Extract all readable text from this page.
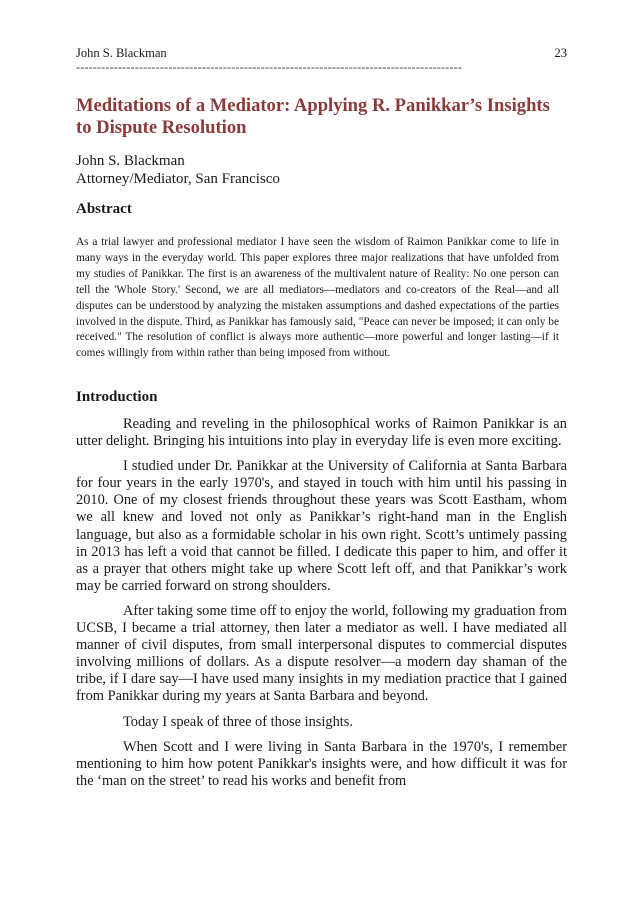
John S. Blackman	23
--------------------------------------------------------------------------------------------
Meditations of a Mediator: Applying R. Panikkar’s Insights to Dispute Resolution
John S. Blackman
Attorney/Mediator, San Francisco
Abstract

As a trial lawyer and professional mediator I have seen the wisdom of Raimon Panikkar come to life in many ways in the everyday world. This paper explores three major realizations that have unfolded from my studies of Panikkar. The first is an awareness of the multivalent nature of Reality: No one person can tell the 'Whole Story.' Second, we are all mediators—mediators and co-creators of the Real—and all disputes can be understood by analyzing the mistaken assumptions and dashed expectations of the parties involved in the dispute. Third, as Panikkar has famously said, "Peace can never be imposed; it can only be received." The resolution of conflict is always more authentic—more powerful and longer lasting—if it comes willingly from within rather than being imposed from without.

Introduction

Reading and reveling in the philosophical works of Raimon Panikkar is an utter delight. Bringing his intuitions into play in everyday life is even more exciting.

I studied under Dr. Panikkar at the University of California at Santa Barbara for four years in the early 1970's, and stayed in touch with him until his passing in 2010. One of my closest friends throughout these years was Scott Eastham, whom we all knew and loved not only as Panikkar’s right-hand man in the English language, but also as a formidable scholar in his own right. Scott’s untimely passing in 2013 has left a void that cannot be filled. I dedicate this paper to him, and offer it as a prayer that others might take up where Scott left off, and that Panikkar’s work may be carried forward on strong shoulders.

After taking some time off to enjoy the world, following my graduation from UCSB, I became a trial attorney, then later a mediator as well. I have mediated all manner of civil disputes, from small interpersonal disputes to commercial disputes involving millions of dollars. As a dispute resolver—a modern day shaman of the tribe, if I dare say—I have used many insights in my mediation practice that I gained from Panikkar during my years at Santa Barbara and beyond.

Today I speak of three of those insights.

When Scott and I were living in Santa Barbara in the 1970's, I remember mentioning to him how potent Panikkar's insights were, and how difficult it was for the ‘man on the street’ to read his works and benefit from
